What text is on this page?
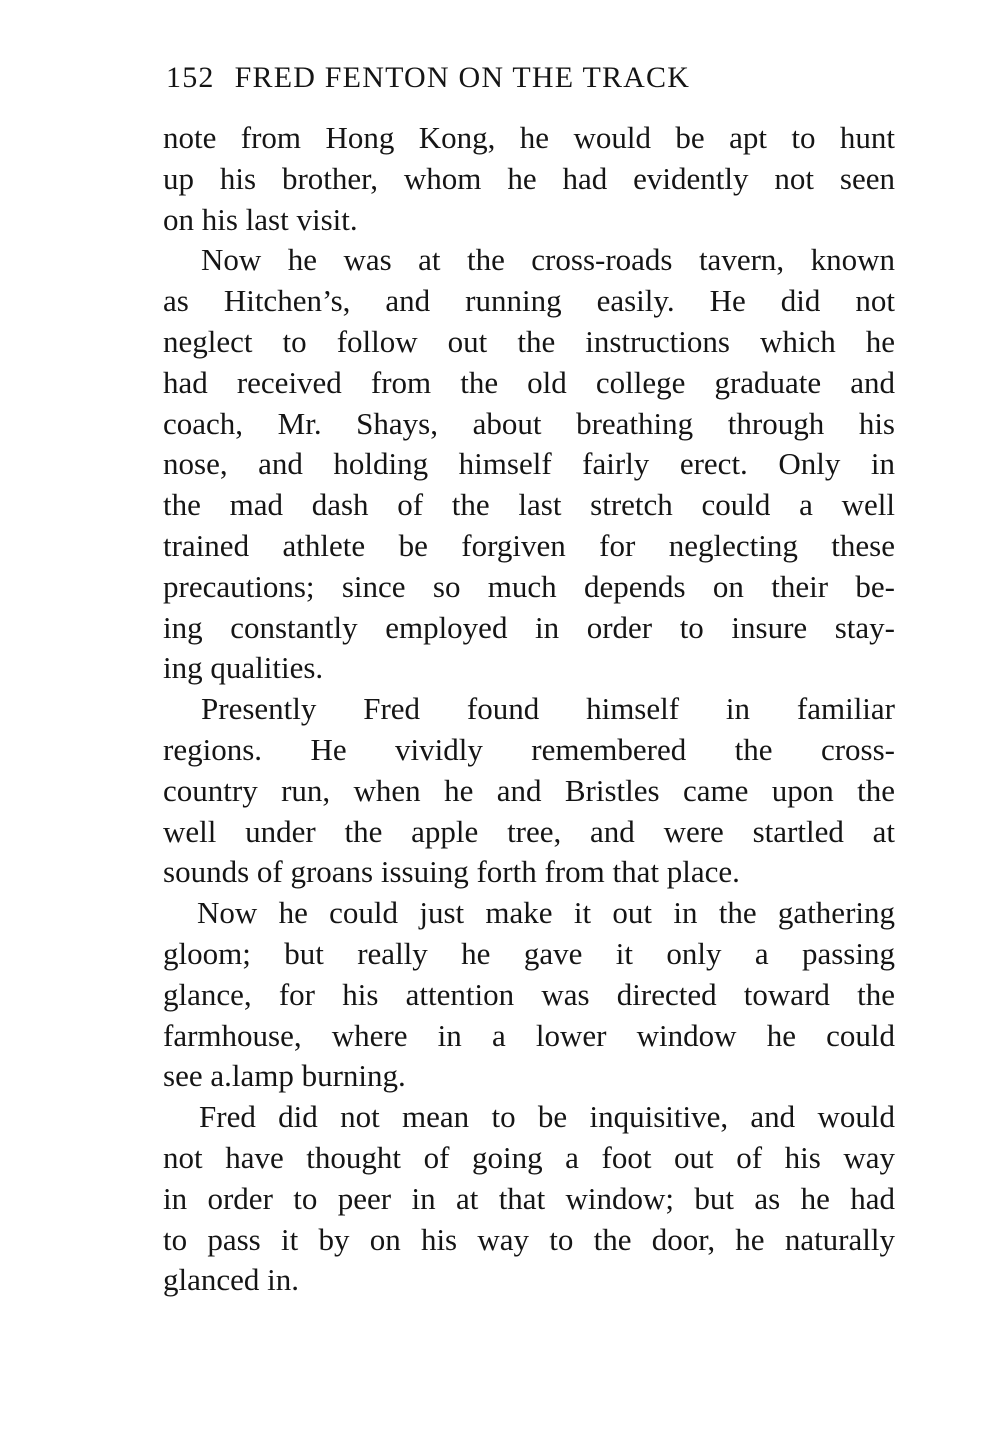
152 FRED FENTON ON THE TRACK
note from Hong Kong, he would be apt to hunt
up his brother, whom he had evidently not seen
on his last visit.
Now he was at the cross-roads tavern, known
as Hitchen’s, and running easily. He did not
neglect to follow out the instructions which he
had received from the old college graduate and
coach, Mr. Shays, about breathing through his
nose, and holding himself fairly erect. Only in
the mad dash of the last stretch could a well
trained athlete be forgiven for neglecting these
precautions; since so much depends on their be-
ing constantly employed in order to insure stay-
ing qualities.
Presently Fred found himself in familiar
regions. He vividly remembered the cross-
country run, when he and Bristles came upon the
well under the apple tree, and were startled at
sounds of groans issuing forth from that place.
Now he could just make it out in the gathering
gloom; but really he gave it only a passing
glance, for his attention was directed toward the
farmhouse, where in a lower window he could
see a.lamp burning.
Fred did not mean to be inquisitive, and would
not have thought of going a foot out of his way
in order to peer in at that window; but as he had
to pass it by on his way to the door, he naturally
glanced in.
